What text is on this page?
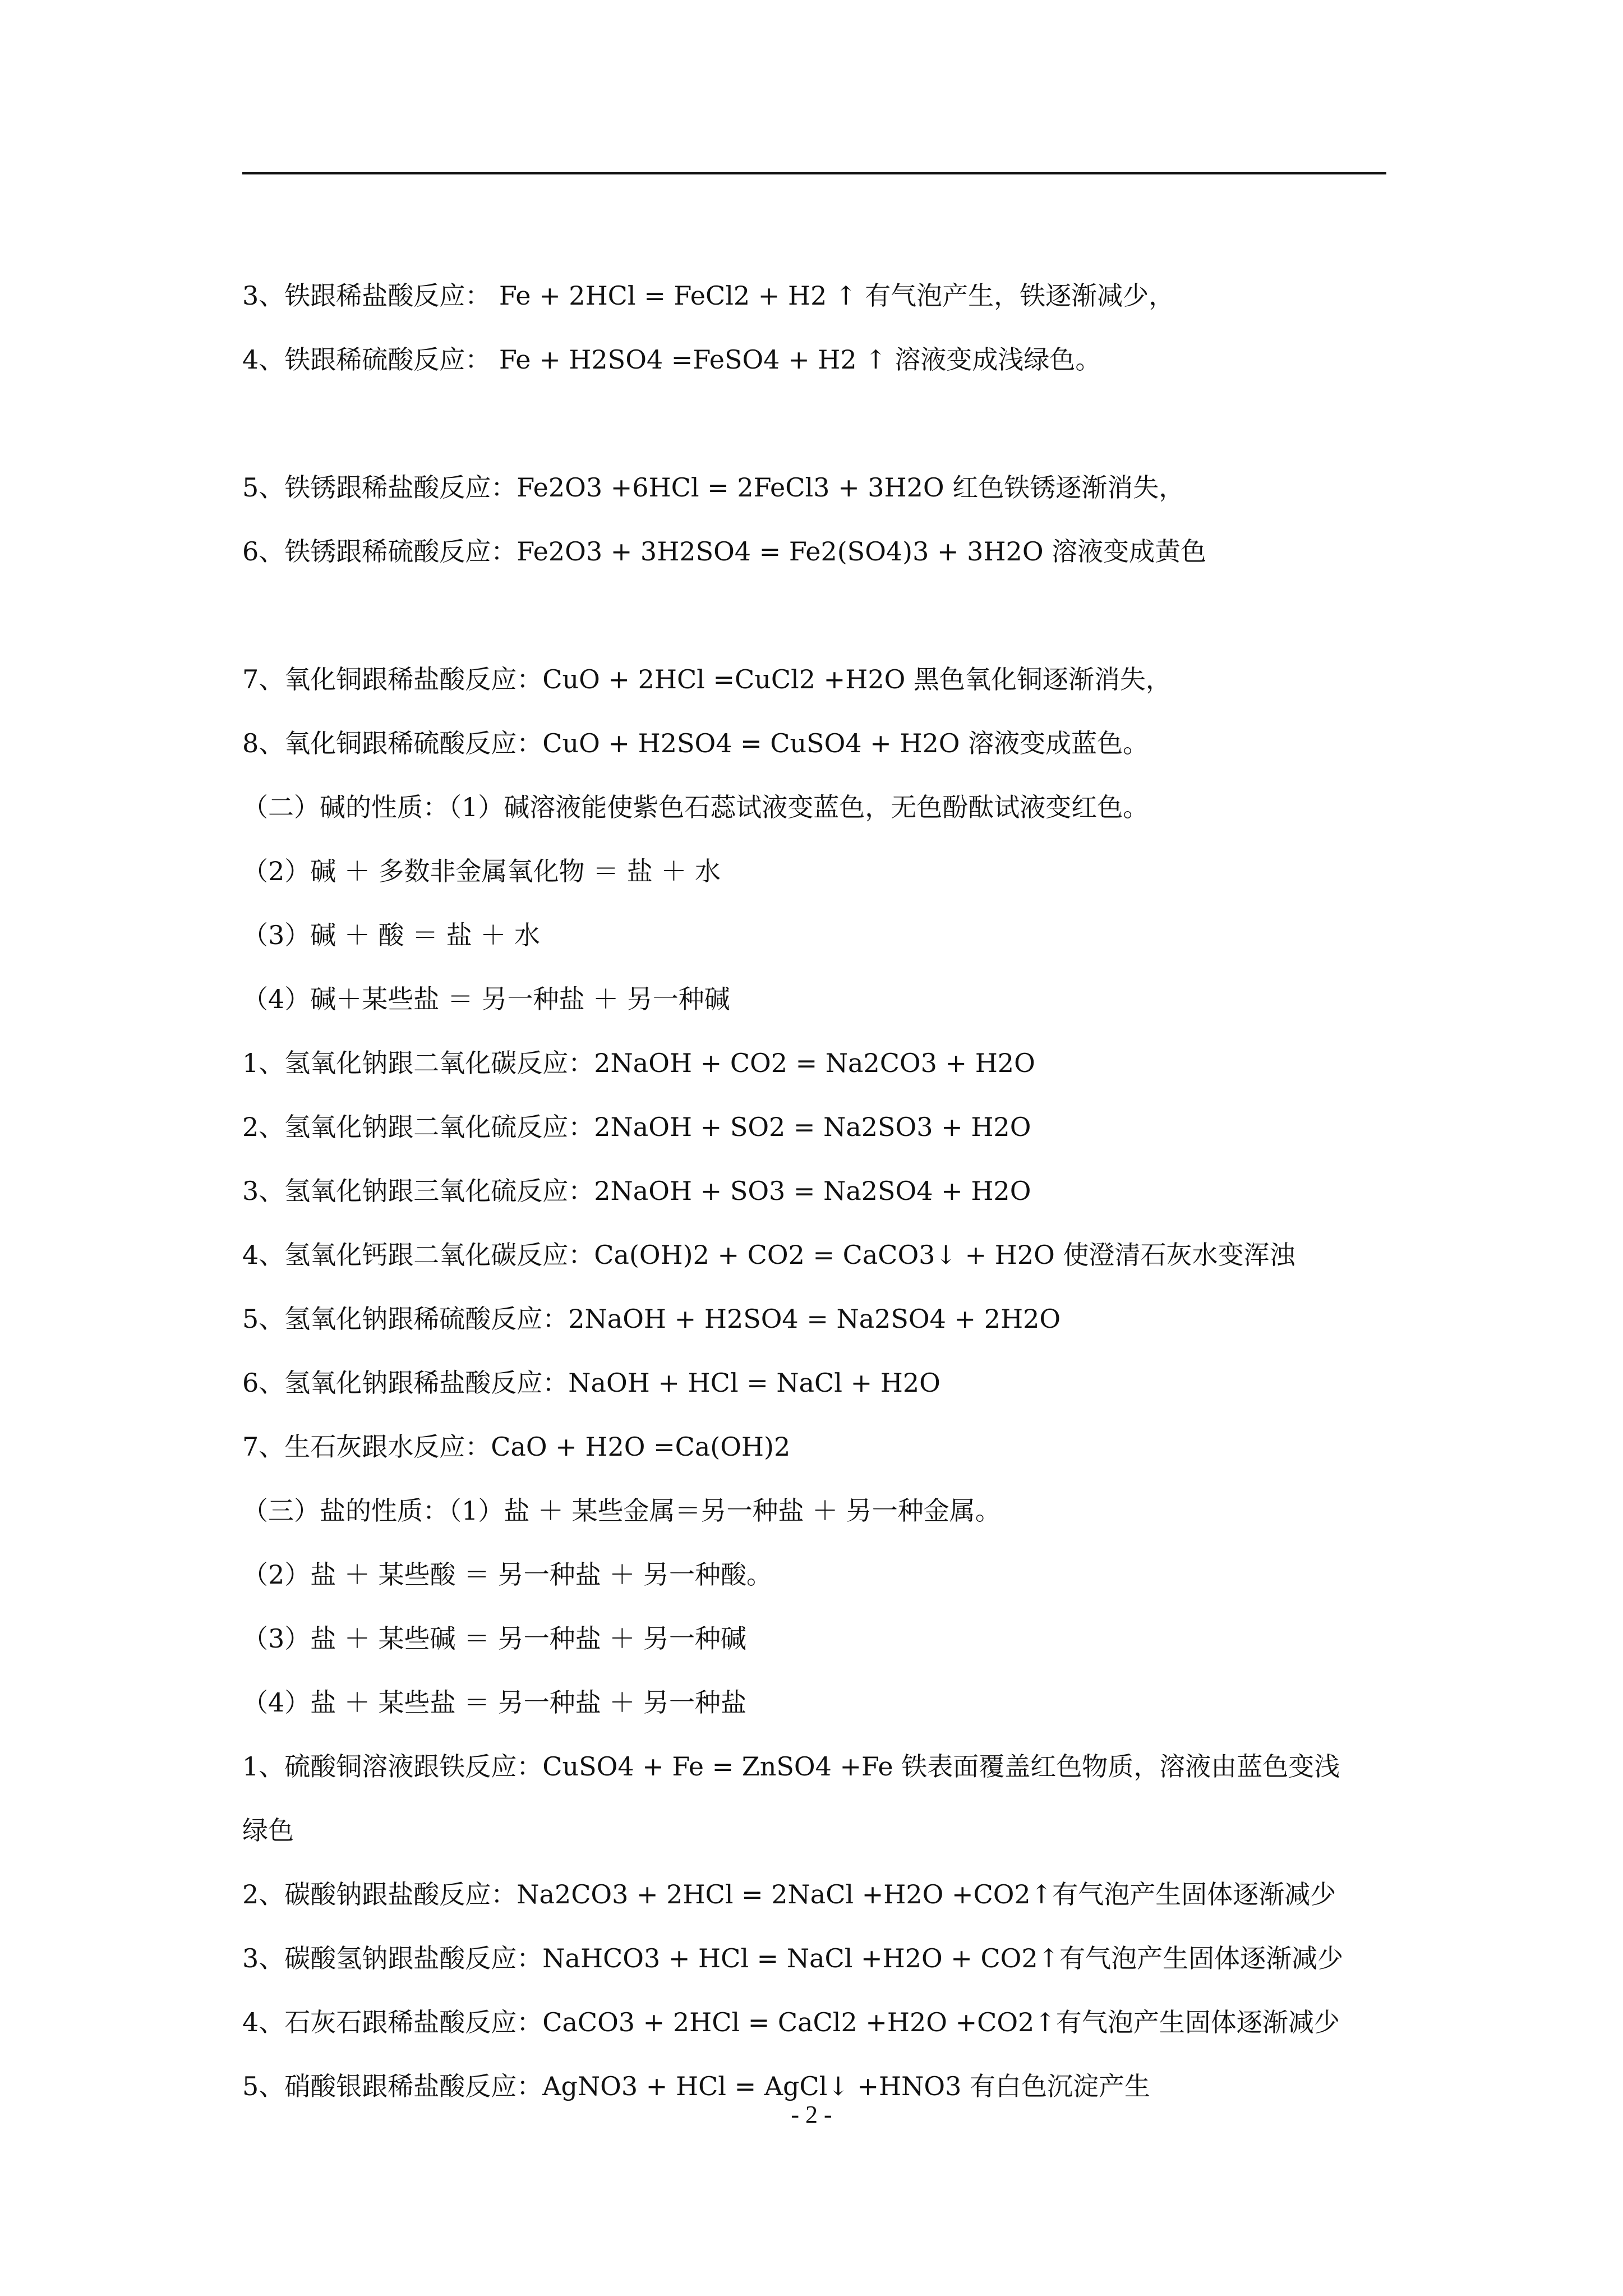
3、铁跟稀盐酸反应： Fe + 2HCl = FeCl2 + H2 ↑ 有气泡产生，铁逐渐减少，
4、铁跟稀硫酸反应： Fe + H2SO4 =FeSO4 + H2 ↑ 溶液变成浅绿色。
5、铁锈跟稀盐酸反应：Fe2O3 +6HCl = 2FeCl3 + 3H2O 红色铁锈逐渐消失，
6、铁锈跟稀硫酸反应：Fe2O3 + 3H2SO4 = Fe2(SO4)3 + 3H2O 溶液变成黄色
7、氧化铜跟稀盐酸反应：CuO + 2HCl =CuCl2 +H2O 黑色氧化铜逐渐消失，
8、氧化铜跟稀硫酸反应：CuO + H2SO4 = CuSO4 + H2O 溶液变成蓝色。
（二）碱的性质：（1）碱溶液能使紫色石蕊试液变蓝色，无色酚酞试液变红色。
（2）碱 ＋ 多数非金属氧化物 ＝ 盐 ＋ 水
（3）碱 ＋ 酸 ＝ 盐 ＋ 水
（4）碱＋某些盐 ＝ 另一种盐 ＋ 另一种碱
1、氢氧化钠跟二氧化碳反应：2NaOH + CO2 = Na2CO3 + H2O
2、氢氧化钠跟二氧化硫反应：2NaOH + SO2 = Na2SO3 + H2O
3、氢氧化钠跟三氧化硫反应：2NaOH + SO3 = Na2SO4 + H2O
4、氢氧化钙跟二氧化碳反应：Ca(OH)2 + CO2 = CaCO3↓ + H2O 使澄清石灰水变浑浊
5、氢氧化钠跟稀硫酸反应：2NaOH + H2SO4 = Na2SO4 + 2H2O
6、氢氧化钠跟稀盐酸反应：NaOH + HCl = NaCl + H2O
7、生石灰跟水反应：CaO + H2O =Ca(OH)2
（三）盐的性质：（1）盐 ＋ 某些金属＝另一种盐 ＋ 另一种金属。
（2）盐 ＋ 某些酸 ＝ 另一种盐 ＋ 另一种酸。
（3）盐 ＋ 某些碱 ＝ 另一种盐 ＋ 另一种碱
（4）盐 ＋ 某些盐 ＝ 另一种盐 ＋ 另一种盐
1、硫酸铜溶液跟铁反应：CuSO4 + Fe = ZnSO4 +Fe 铁表面覆盖红色物质，溶液由蓝色变浅
绿色
2、碳酸钠跟盐酸反应：Na2CO3 + 2HCl = 2NaCl +H2O +CO2↑有气泡产生固体逐渐减少
3、碳酸氢钠跟盐酸反应：NaHCO3 + HCl = NaCl +H2O + CO2↑有气泡产生固体逐渐减少
4、石灰石跟稀盐酸反应：CaCO3 + 2HCl = CaCl2 +H2O +CO2↑有气泡产生固体逐渐减少
5、硝酸银跟稀盐酸反应：AgNO3 + HCl = AgCl↓ +HNO3 有白色沉淀产生
- 2 -
